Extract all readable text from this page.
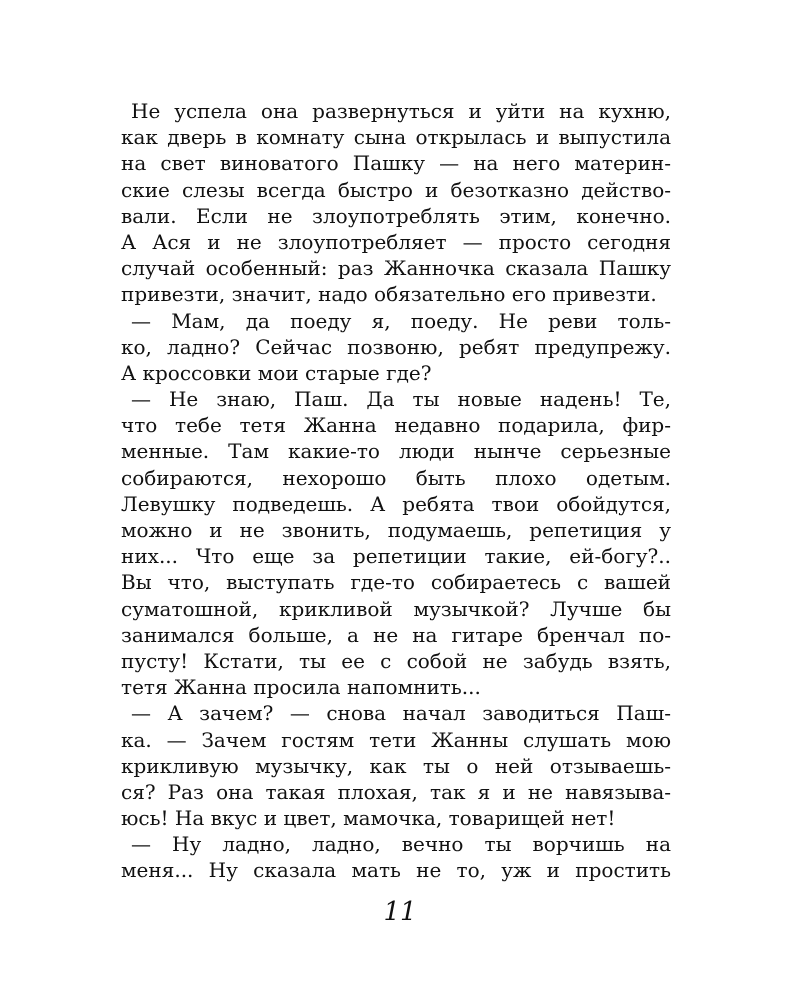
Не успела она развернуться и уйти на кухню,
как дверь в комнату сына открылась и выпустила
на свет виноватого Пашку — на него материн-
ские слезы всегда быстро и безотказно действо-
вали. Если не злоупотреблять этим, конечно.
А Ася и не злоупотребляет — просто сегодня
случай особенный: раз Жанночка сказала Пашку
привезти, значит, надо обязательно его привезти.
— Мам, да поеду я, поеду. Не реви толь-
ко, ладно? Сейчас позвоню, ребят предупрежу.
А кроссовки мои старые где?
— Не знаю, Паш. Да ты новые надень! Те,
что тебе тетя Жанна недавно подарила, фир-
менные. Там какие-то люди нынче серьезные
собираются, нехорошо быть плохо одетым.
Левушку подведешь. А ребята твои обойдутся,
можно и не звонить, подумаешь, репетиция у
них... Что еще за репетиции такие, ей-богу?..
Вы что, выступать где-то собираетесь с вашей
суматошной, крикливой музычкой? Лучше бы
занимался больше, а не на гитаре бренчал по-
пусту! Кстати, ты ее с собой не забудь взять,
тетя Жанна просила напомнить...
— А зачем? — снова начал заводиться Паш-
ка. — Зачем гостям тети Жанны слушать мою
крикливую музычку, как ты о ней отзываешь-
ся? Раз она такая плохая, так я и не навязыва-
юсь! На вкус и цвет, мамочка, товарищей нет!
— Ну ладно, ладно, вечно ты ворчишь на
меня... Ну сказала мать не то, уж и простить
11
